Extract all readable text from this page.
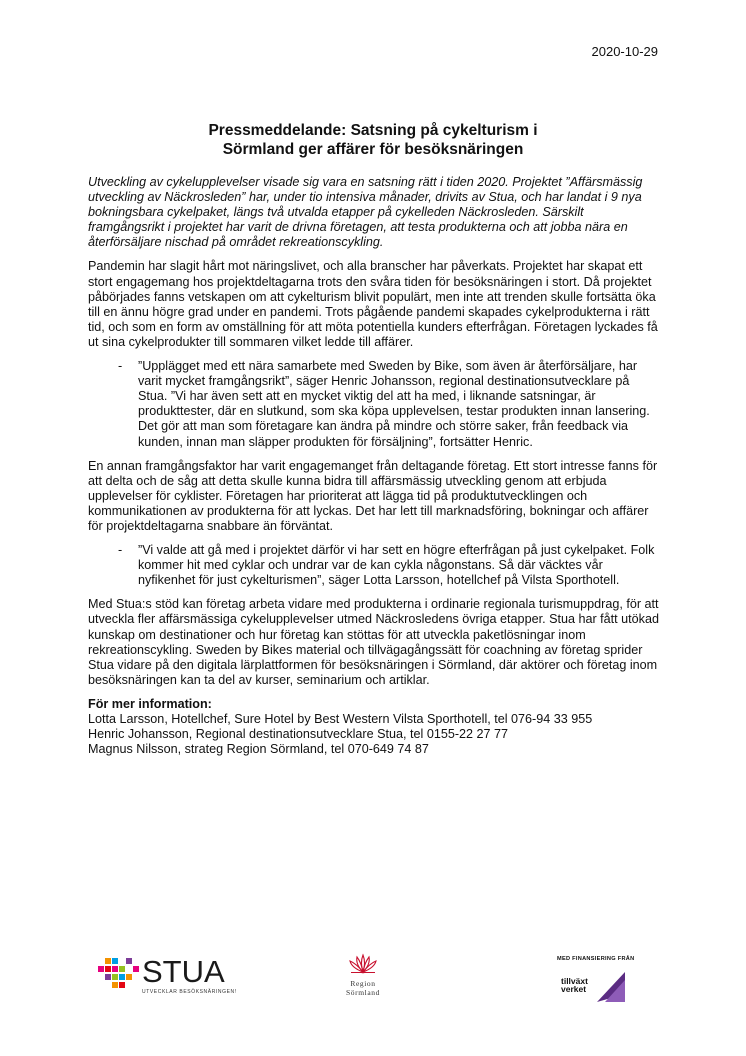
2020-10-29
Pressmeddelande: Satsning på cykelturism i
Sörmland ger affärer för besöksnäringen

Utveckling av cykelupplevelser visade sig vara en satsning rätt i tiden 2020. Projektet ”Affärsmässig utveckling av Näckrosleden” har, under tio intensiva månader, drivits av Stua, och har landat i 9 nya bokningsbara cykelpaket, längs två utvalda etapper på cykelleden Näckrosleden. Särskilt framgångsrikt i projektet har varit de drivna företagen, att testa produkterna och att jobba nära en återförsäljare nischad på området rekreationscykling.

Pandemin har slagit hårt mot näringslivet, och alla branscher har påverkats. Projektet har skapat ett stort engagemang hos projektdeltagarna trots den svåra tiden för besöksnäringen i stort. Då projektet påbörjades fanns vetskapen om att cykelturism blivit populärt, men inte att trenden skulle fortsätta öka till en ännu högre grad under en pandemi. Trots pågående pandemi skapades cykelprodukterna i rätt tid, och som en form av omställning för att möta potentiella kunders efterfrågan. Företagen lyckades få ut sina cykelprodukter till sommaren vilket ledde till affärer.

- ”Upplägget med ett nära samarbete med Sweden by Bike, som även är återförsäljare, har varit mycket framgångsrikt”, säger Henric Johansson, regional destinationsutvecklare på Stua. ”Vi har även sett att en mycket viktig del att ha med, i liknande satsningar, är produkttester, där en slutkund, som ska köpa upplevelsen, testar produkten innan lansering. Det gör att man som företagare kan ändra på mindre och större saker, från feedback via kunden, innan man släpper produkten för försäljning”, fortsätter Henric.

En annan framgångsfaktor har varit engagemanget från deltagande företag. Ett stort intresse fanns för att delta och de såg att detta skulle kunna bidra till affärsmässig utveckling genom att erbjuda upplevelser för cyklister. Företagen har prioriterat att lägga tid på produktutvecklingen och kommunikationen av produkterna för att lyckas. Det har lett till marknadsföring, bokningar och affärer för projektdeltagarna snabbare än förväntat.

- ”Vi valde att gå med i projektet därför vi har sett en högre efterfrågan på just cykelpaket. Folk kommer hit med cyklar och undrar var de kan cykla någonstans. Så där väcktes vår nyfikenhet för just cykelturismen”, säger Lotta Larsson, hotellchef på Vilsta Sporthotell.

Med Stua:s stöd kan företag arbeta vidare med produkterna i ordinarie regionala turismuppdrag, för att utveckla fler affärsmässiga cykelupplevelser utmed Näckrosledens övriga etapper. Stua har fått utökad kunskap om destinationer och hur företag kan stöttas för att utveckla paketlösningar inom rekreationscykling. Sweden by Bikes material och tillvägagångssätt för coachning av företag sprider Stua vidare på den digitala lärplattformen för besöksnäringen i Sörmland, där aktörer och företag inom besöksnäringen kan ta del av kurser, seminarium och artiklar.

För mer information:
Lotta Larsson, Hotellchef, Sure Hotel by Best Western Vilsta Sporthotell, tel 076-94 33 955
Henric Johansson, Regional destinationsutvecklare Stua, tel 0155-22 27 77
Magnus Nilsson, strateg Region Sörmland, tel 070-649 74 87
STUA
UTVECKLAR BESÖKSNÄRINGEN!
Region
Sörmland
MED FINANSIERING FRÅN
tillväxt
verket
